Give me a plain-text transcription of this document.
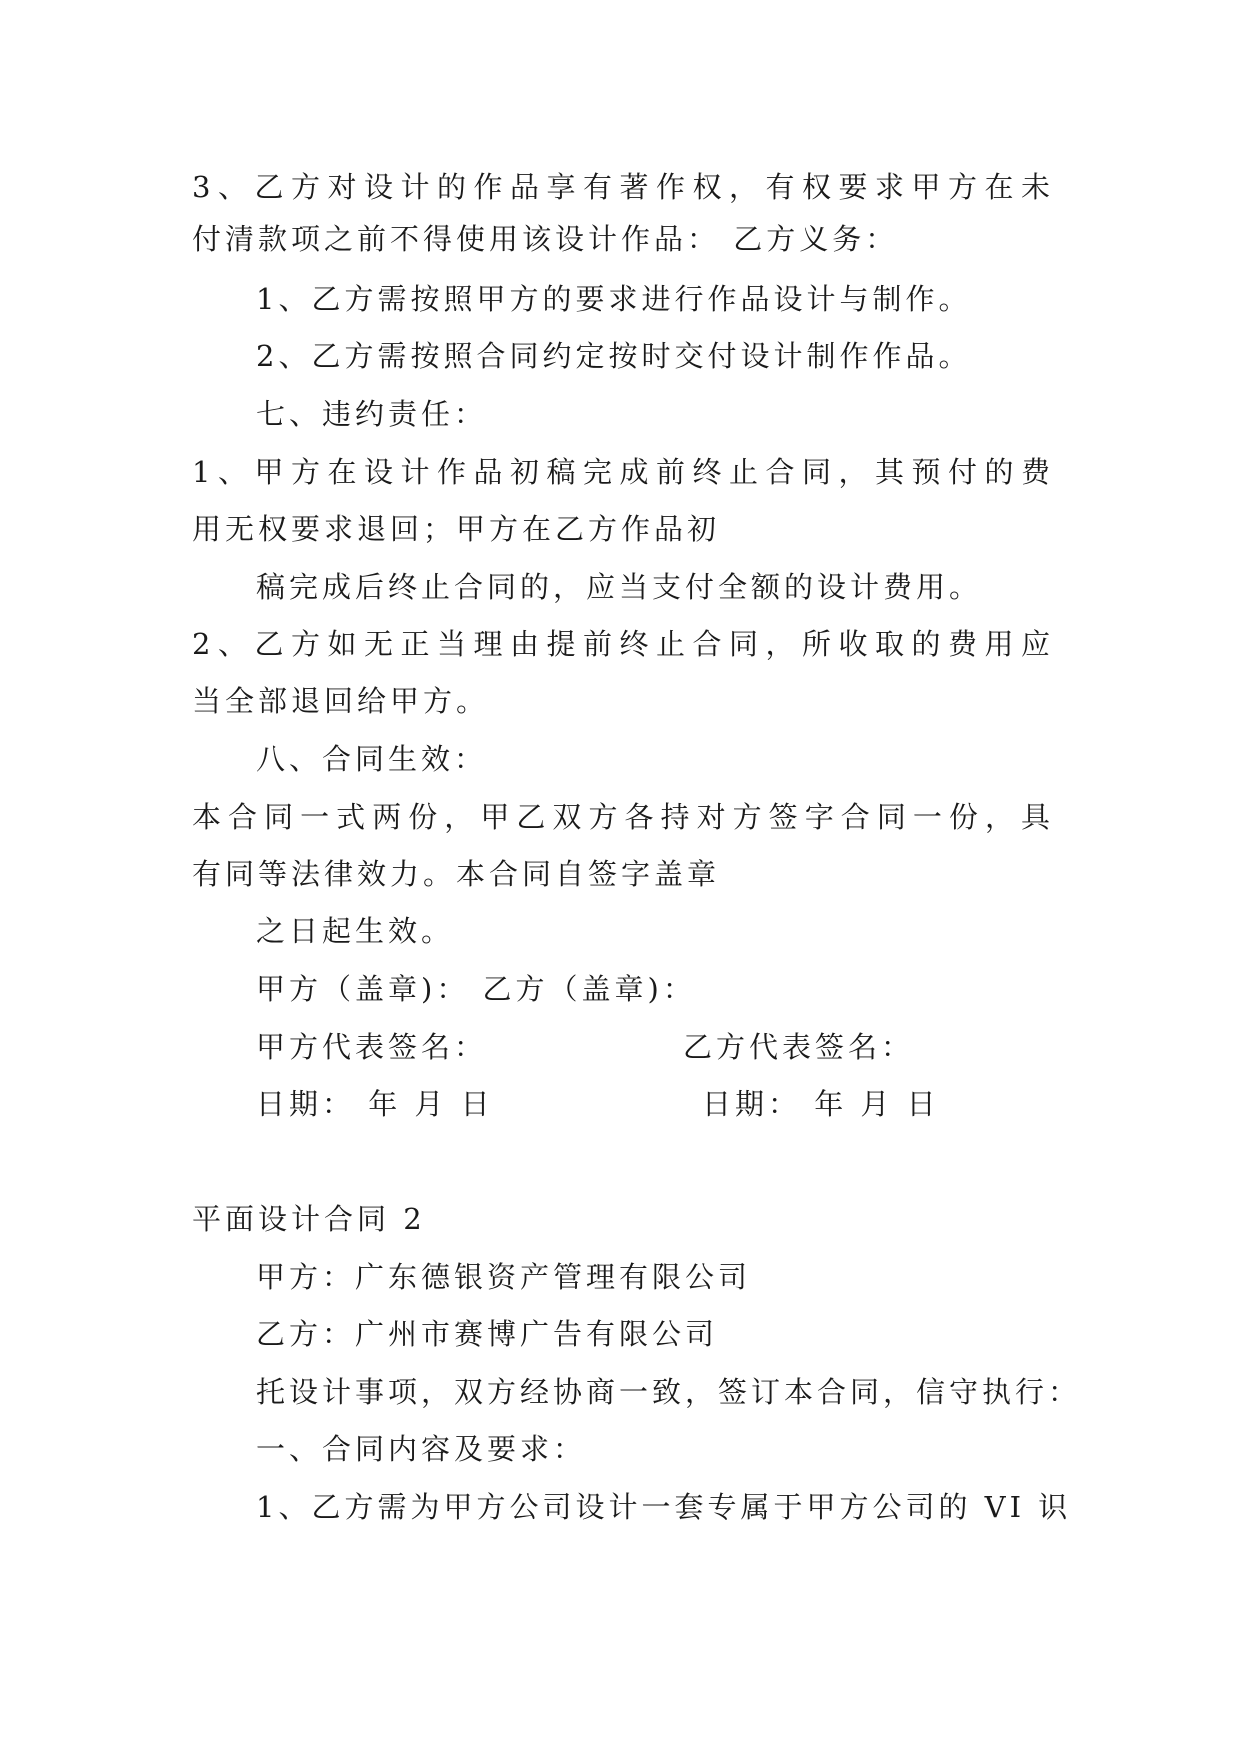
3、乙方对设计的作品享有著作权，有权要求甲方在未

付清款项之前不得使用该设计作品： 乙方义务：

1、乙方需按照甲方的要求进行作品设计与制作。

2、乙方需按照合同约定按时交付设计制作作品。

七、违约责任：

1、甲方在设计作品初稿完成前终止合同，其预付的费

用无权要求退回；甲方在乙方作品初

稿完成后终止合同的，应当支付全额的设计费用。

2、乙方如无正当理由提前终止合同，所收取的费用应

当全部退回给甲方。

八、合同生效：

本合同一式两份，甲乙双方各持对方签字合同一份，具

有同等法律效力。本合同自签字盖章

之日起生效。

甲方（盖章)： 乙方（盖章)：

甲方代表签名：	乙方代表签名：

日期： 年 月 日	日期： 年 月 日

平面设计合同 2

甲方：广东德银资产管理有限公司

乙方：广州市赛博广告有限公司

托设计事项，双方经协商一致，签订本合同，信守执行：

一、合同内容及要求：

1、乙方需为甲方公司设计一套专属于甲方公司的 VI 识
